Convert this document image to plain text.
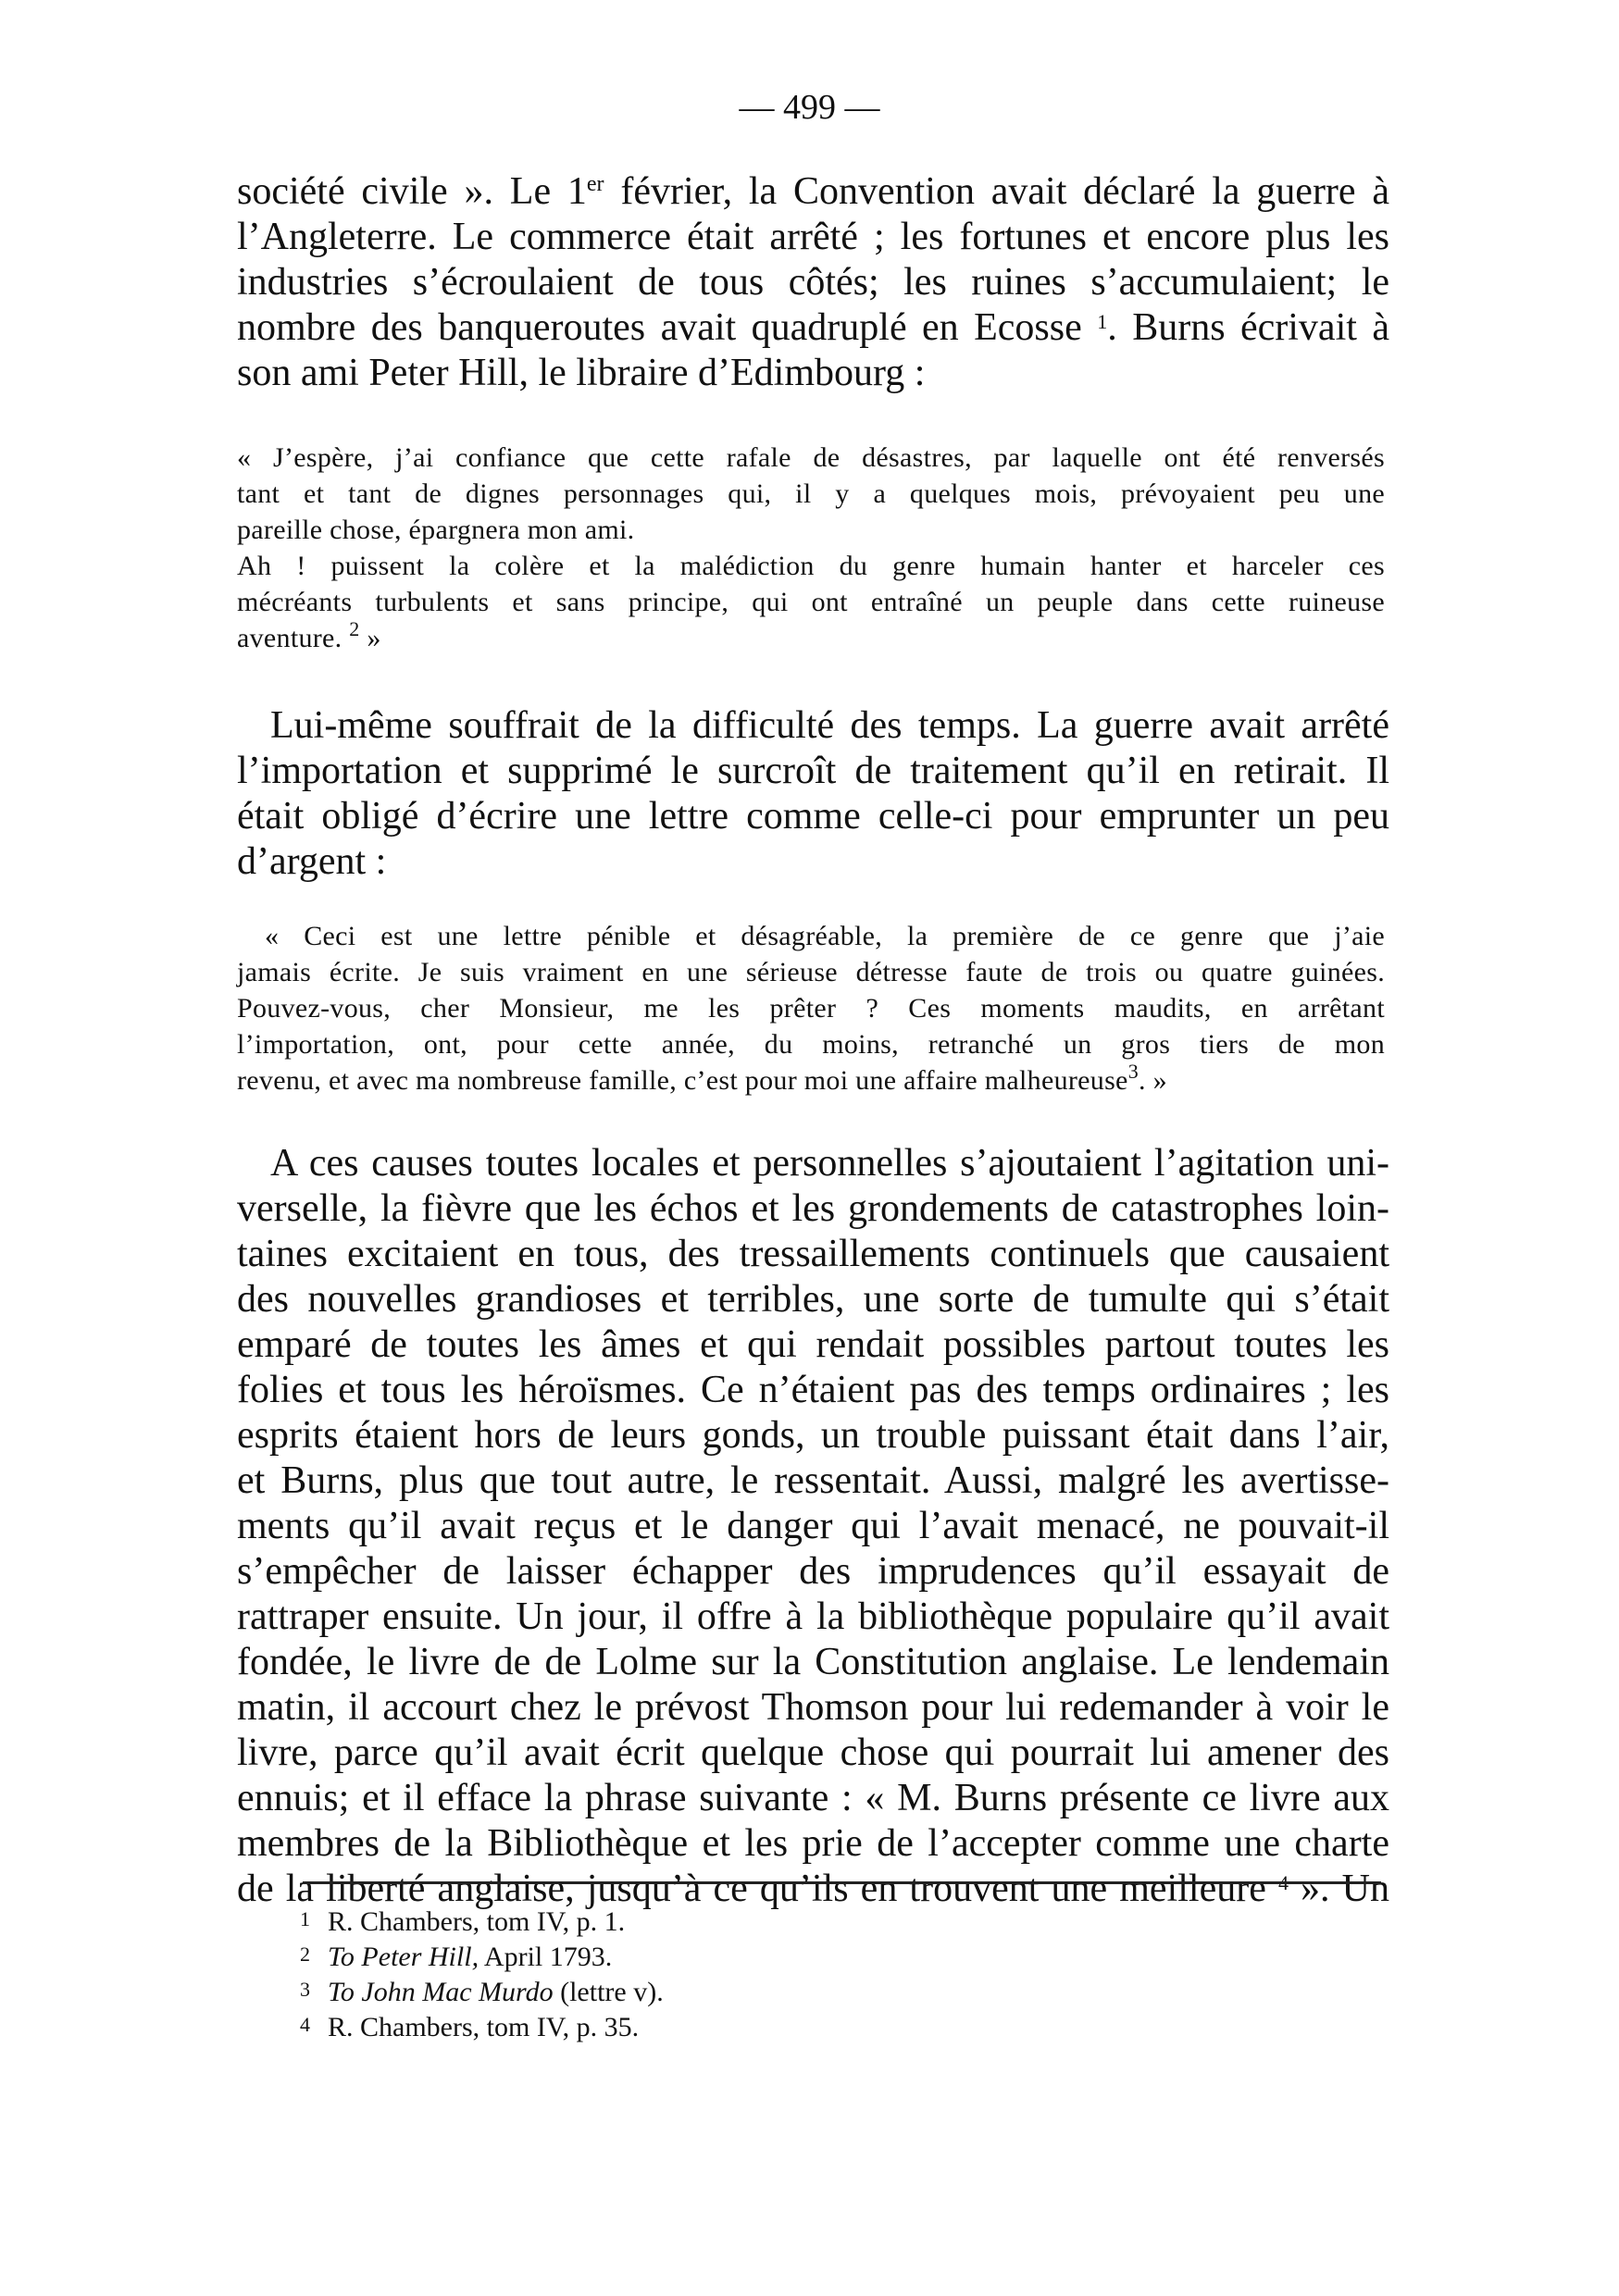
— 499 —
société civile ». Le 1er février, la Convention avait déclaré la guerre à
l’Angleterre. Le commerce était arrêté ; les fortunes et encore plus les
industries s’écroulaient de tous côtés; les ruines s’accumulaient; le
nombre des banqueroutes avait quadruplé en Ecosse $^1$. Burns écrivait à
son ami Peter Hill, le libraire d’Edimbourg :
« J’espère, j’ai confiance que cette rafale de désastres, par laquelle ont été renversés
tant et tant de dignes personnages qui, il y a quelques mois, prévoyaient peu une
pareille chose, épargnera mon ami.
Ah ! puissent la colère et la malédiction du genre humain hanter et harceler ces
mécréants turbulents et sans principe, qui ont entraîné un peuple dans cette ruineuse
aventure. $^2$ »
Lui-même souffrait de la difficulté des temps. La guerre avait arrêté
l’importation et supprimé le surcroît de traitement qu’il en retirait. Il
était obligé d’écrire une lettre comme celle-ci pour emprunter un peu
d’argent :
« Ceci est une lettre pénible et désagréable, la première de ce genre que j’aie
jamais écrite. Je suis vraiment en une sérieuse détresse faute de trois ou quatre guinées.
Pouvez-vous, cher Monsieur, me les prêter ? Ces moments maudits, en arrêtant
l’importation, ont, pour cette année, du moins, retranché un gros tiers de mon
revenu, et avec ma nombreuse famille, c’est pour moi une affaire malheureuse$^3$. »
A ces causes toutes locales et personnelles s’ajoutaient l’agitation uni-
verselle, la fièvre que les échos et les grondements de catastrophes loin-
taines excitaient en tous, des tressaillements continuels que causaient
des nouvelles grandioses et terribles, une sorte de tumulte qui s’était
emparé de toutes les âmes et qui rendait possibles partout toutes les
folies et tous les héroïsmes. Ce n’étaient pas des temps ordinaires ; les
esprits étaient hors de leurs gonds, un trouble puissant était dans l’air,
et Burns, plus que tout autre, le ressentait. Aussi, malgré les avertisse-
ments qu’il avait reçus et le danger qui l’avait menacé, ne pouvait-il
s’empêcher de laisser échapper des imprudences qu’il essayait de
rattraper ensuite. Un jour, il offre à la bibliothèque populaire qu’il avait
fondée, le livre de de Lolme sur la Constitution anglaise. Le lendemain
matin, il accourt chez le prévost Thomson pour lui redemander à voir le
livre, parce qu’il avait écrit quelque chose qui pourrait lui amener des
ennuis; et il efface la phrase suivante : « M. Burns présente ce livre aux
membres de la Bibliothèque et les prie de l’accepter comme une charte
de la liberté anglaise, jusqu’à ce qu’ils en trouvent une meilleure $^4$ ». Un
1 R. Chambers, tom IV, p. 1.
2 To Peter Hill, April 1793.
3 To John Mac Murdo (lettre v).
4 R. Chambers, tom IV, p. 35.
